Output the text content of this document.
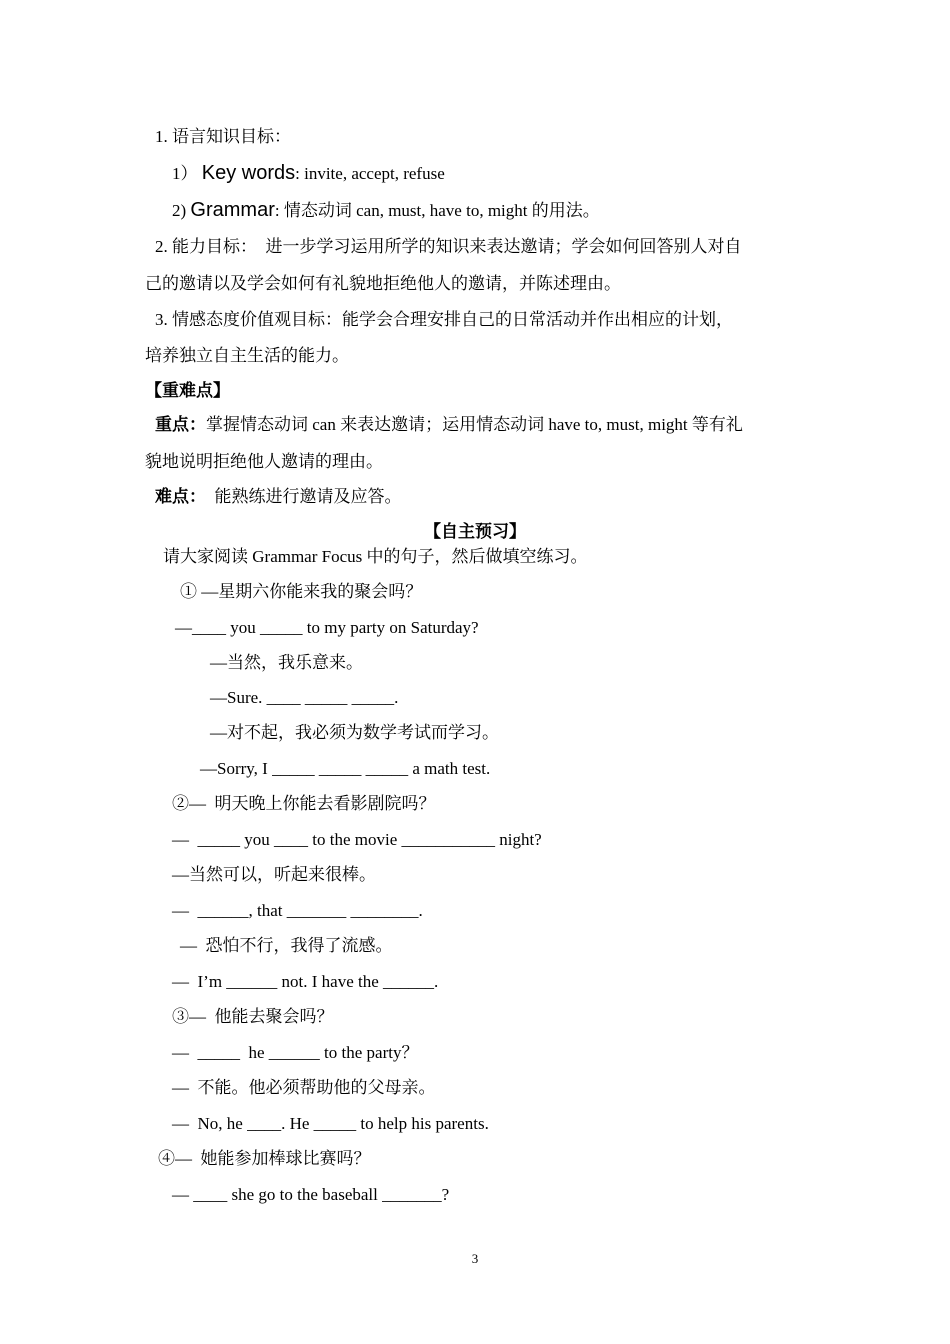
1. 语言知识目标：
1） Key words: invite, accept, refuse
2) Grammar: 情态动词 can, must, have to, might 的用法。
2. 能力目标：  进一步学习运用所学的知识来表达邀请；学会如何回答别人对自
己的邀请以及学会如何有礼貌地拒绝他人的邀请，并陈述理由。
3. 情感态度价值观目标：能学会合理安排自己的日常活动并作出相应的计划，
培养独立自主生活的能力。
【重难点】
重点：掌握情态动词 can 来表达邀请；运用情态动词 have to, must, might 等有礼
貌地说明拒绝他人邀请的理由。
难点：  能熟练进行邀请及应答。
【自主预习】
请大家阅读 Grammar Focus 中的句子，然后做填空练习。
① —星期六你能来我的聚会吗？
—____ you _____ to my party on Saturday?
—当然，我乐意来。
—Sure. ____ _____ _____.
—对不起，我必须为数学考试而学习。
—Sorry, I _____ _____ _____ a math test.
②—  明天晚上你能去看影剧院吗？
—  _____ you ____ to the movie ___________ night?
—当然可以，听起来很棒。
—  ______, that _______ ________.
—  恐怕不行，我得了流感。
—  I’m ______ not. I have the ______.
③—  他能去聚会吗？
—  _____  he ______ to the party？
—  不能。他必须帮助他的父母亲。
—  No, he ____. He _____ to help his parents.
④—  她能参加棒球比赛吗？
— ____ she go to the baseball _______?
3
